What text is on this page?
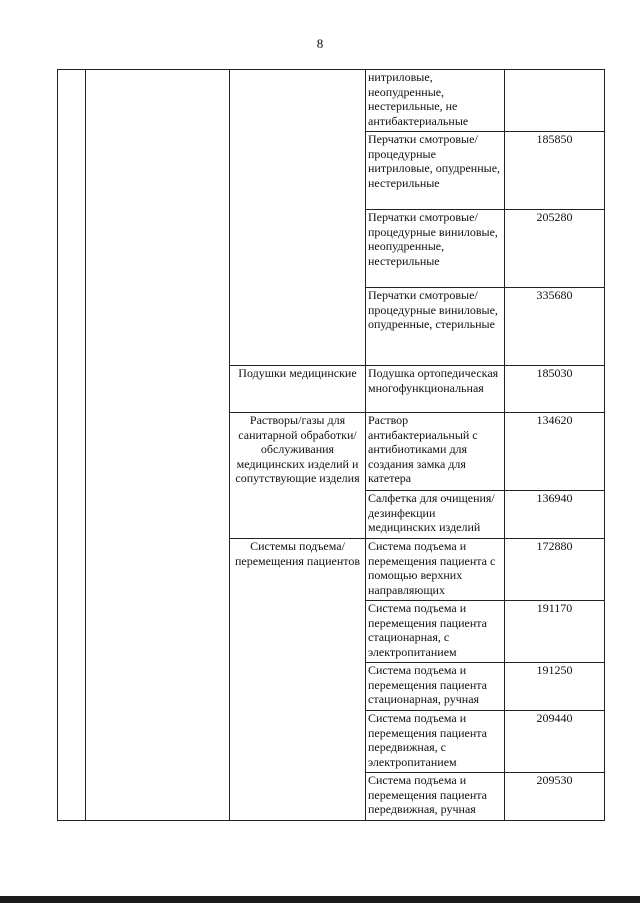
8
			нитриловые, неопудренные, нестерильные, не антибактериальные	
			Перчатки смотровые/ процедурные нитриловые, опудренные, нестерильные	185850
			Перчатки смотровые/ процедурные виниловые, неопудренные, нестерильные	205280
			Перчатки смотровые/ процедурные виниловые, опудренные, стерильные	335680
		Подушки медицинские	Подушка ортопедическая многофункциональная	185030
		Растворы/газы для санитарной обработки/ обслуживания медицинских изделий и сопутствующие изделия	Раствор антибактериальный с антибиотиками для создания замка для катетера	134620
			Салфетка для очищения/дезинфекции медицинских изделий	136940
		Системы подъема/перемещения пациентов	Система подъема и перемещения пациента с помощью верхних направляющих	172880
			Система подъема и перемещения пациента стационарная, с электропитанием	191170
			Система подъема и перемещения пациента стационарная, ручная	191250
			Система подъема и перемещения пациента передвижная, с электропитанием	209440
			Система подъема и перемещения пациента передвижная, ручная	209530
